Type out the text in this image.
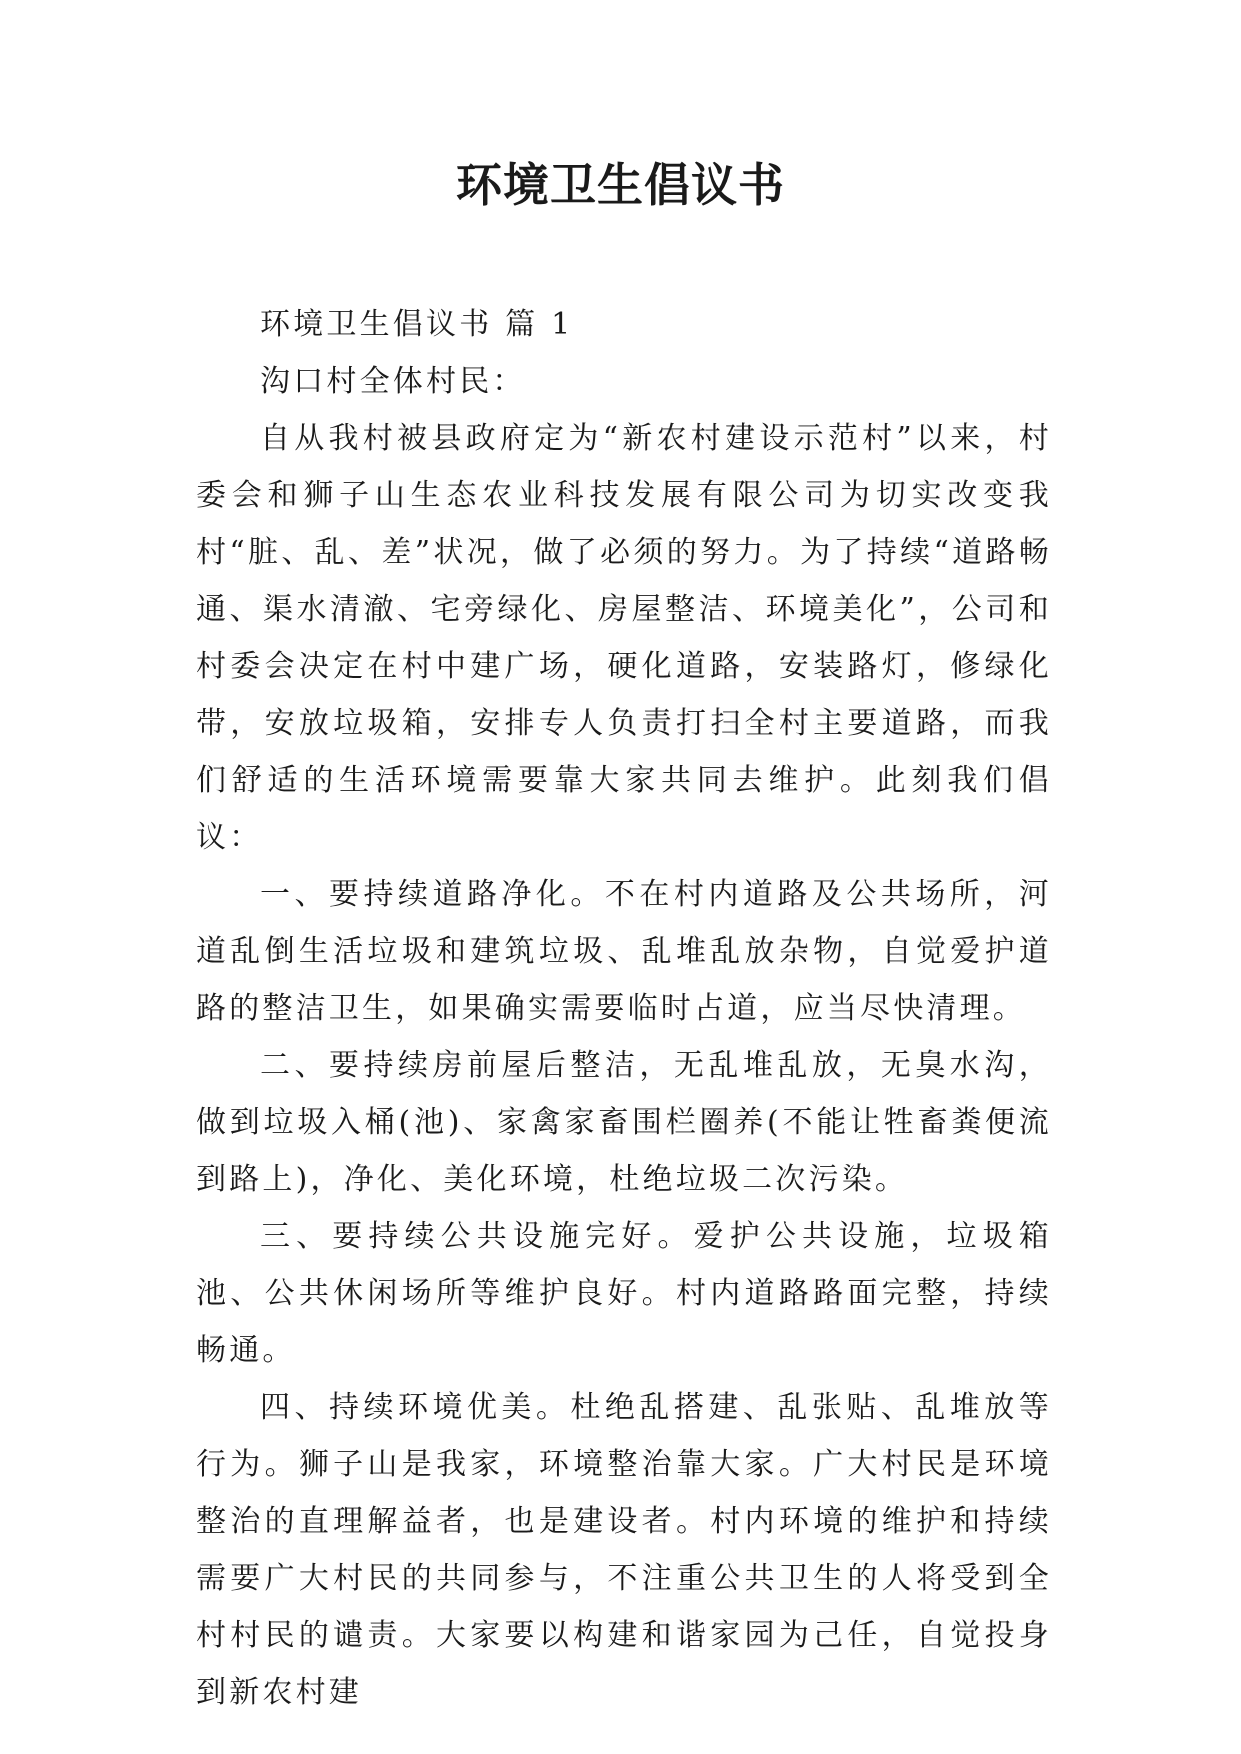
环境卫生倡议书

环境卫生倡议书 篇 1

沟口村全体村民：

自从我村被县政府定为“新农村建设示范村”以来，村委会和狮子山生态农业科技发展有限公司为切实改变我村“脏、乱、差”状况，做了必须的努力。为了持续“道路畅通、渠水清澈、宅旁绿化、房屋整洁、环境美化”，公司和村委会决定在村中建广场，硬化道路，安装路灯，修绿化带，安放垃圾箱，安排专人负责打扫全村主要道路，而我们舒适的生活环境需要靠大家共同去维护。此刻我们倡议：

一、要持续道路净化。不在村内道路及公共场所，河道乱倒生活垃圾和建筑垃圾、乱堆乱放杂物，自觉爱护道路的整洁卫生，如果确实需要临时占道，应当尽快清理。

二、要持续房前屋后整洁，无乱堆乱放，无臭水沟，做到垃圾入桶(池)、家禽家畜围栏圈养(不能让牲畜粪便流到路上)，净化、美化环境，杜绝垃圾二次污染。

三、要持续公共设施完好。爱护公共设施，垃圾箱池、公共休闲场所等维护良好。村内道路路面完整，持续畅通。

四、持续环境优美。杜绝乱搭建、乱张贴、乱堆放等行为。狮子山是我家，环境整治靠大家。广大村民是环境整治的直理解益者，也是建设者。村内环境的维护和持续需要广大村民的共同参与，不注重公共卫生的人将受到全村村民的谴责。大家要以构建和谐家园为己任，自觉投身到新农村建
